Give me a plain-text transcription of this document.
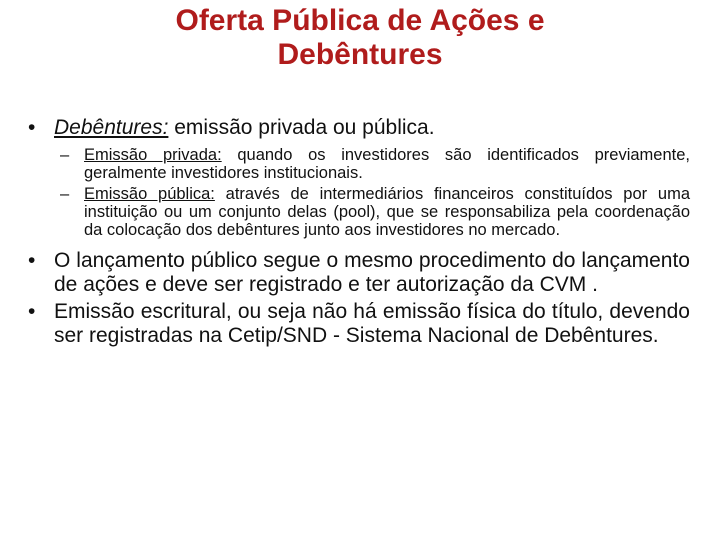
Oferta Pública de Ações e
Debêntures

• Debêntures: emissão privada ou pública.

– Emissão privada: quando os investidores são identificados previamente, geralmente investidores institucionais.

– Emissão pública: através de intermediários financeiros constituídos por uma instituição ou um conjunto delas (pool), que se responsabiliza pela coordenação da colocação dos debêntures junto aos investidores no mercado.

• O lançamento público segue o mesmo procedimento do lançamento de ações e deve ser registrado e ter autorização da CVM .

• Emissão escritural, ou seja não há emissão física do título, devendo ser registradas na Cetip/SND - Sistema Nacional de Debêntures.
